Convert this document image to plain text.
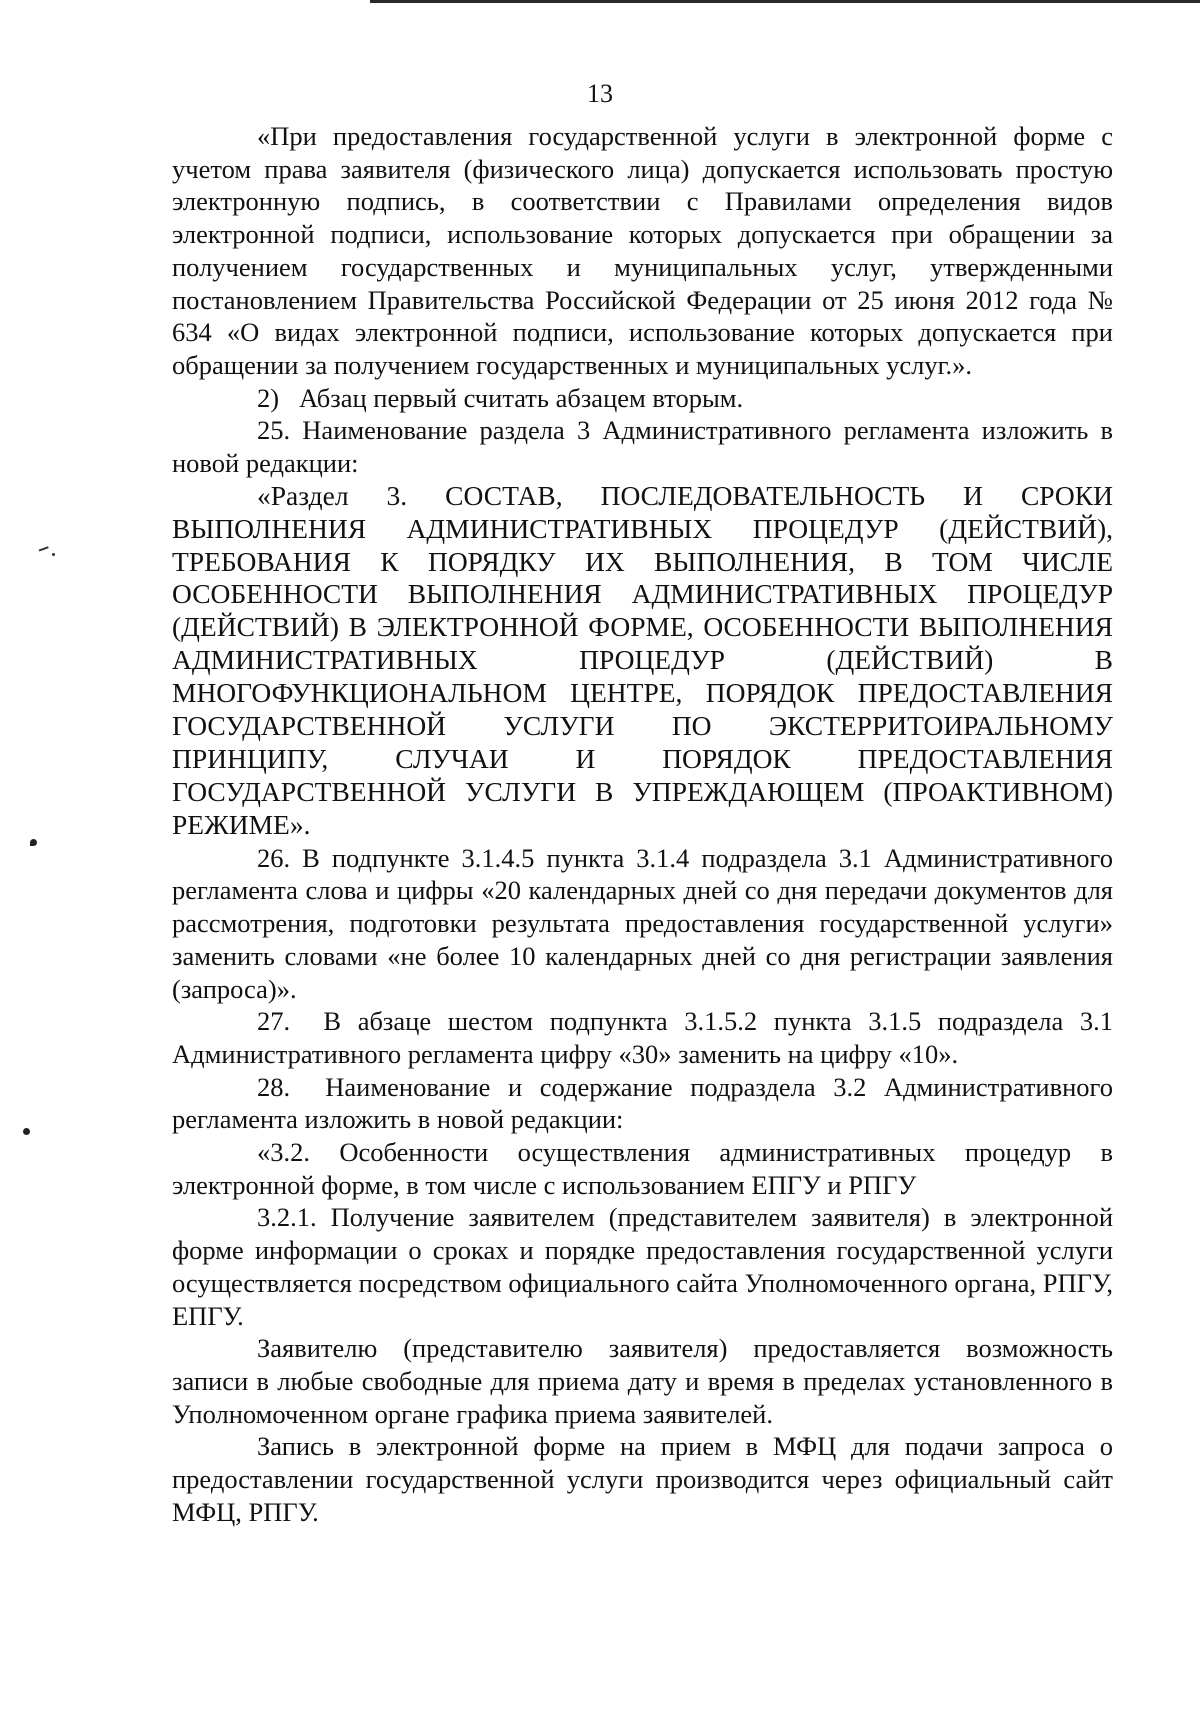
13

«При предоставления государственной услуги в электронной форме с учетом права заявителя (физического лица) допускается использовать простую электронную подпись, в соответствии с Правилами определения видов электронной подписи, использование которых допускается при обращении за получением государственных и муниципальных услуг, утвержденными постановлением Правительства Российской Федерации от 25 июня 2012 года № 634 «О видах электронной подписи, использование которых допускается при обращении за получением государственных и муниципальных услуг.».

2)   Абзац первый считать абзацем вторым.

25. Наименование раздела 3 Административного регламента изложить в новой редакции:

«Раздел 3. СОСТАВ, ПОСЛЕДОВАТЕЛЬНОСТЬ И СРОКИ ВЫПОЛНЕНИЯ АДМИНИСТРАТИВНЫХ ПРОЦЕДУР (ДЕЙСТВИЙ), ТРЕБОВАНИЯ К ПОРЯДКУ ИХ ВЫПОЛНЕНИЯ, В ТОМ ЧИСЛЕ ОСОБЕННОСТИ ВЫПОЛНЕНИЯ АДМИНИСТРАТИВНЫХ ПРОЦЕДУР (ДЕЙСТВИЙ) В ЭЛЕКТРОННОЙ ФОРМЕ, ОСОБЕННОСТИ ВЫПОЛНЕНИЯ АДМИНИСТРАТИВНЫХ ПРОЦЕДУР (ДЕЙСТВИЙ) В МНОГОФУНКЦИОНАЛЬНОМ ЦЕНТРЕ, ПОРЯДОК ПРЕДОСТАВЛЕНИЯ ГОСУДАРСТВЕННОЙ УСЛУГИ ПО ЭКСТЕРРИТОИРАЛЬНОМУ ПРИНЦИПУ, СЛУЧАИ И ПОРЯДОК ПРЕДОСТАВЛЕНИЯ ГОСУДАРСТВЕННОЙ УСЛУГИ В УПРЕЖДАЮЩЕМ (ПРОАКТИВНОМ) РЕЖИМЕ».

26. В подпункте 3.1.4.5 пункта 3.1.4 подраздела 3.1 Административного регламента слова и цифры «20 календарных дней со дня передачи документов для рассмотрения, подготовки результата предоставления государственной услуги» заменить словами «не более 10 календарных дней со дня регистрации заявления (запроса)».

27.  В абзаце шестом подпункта 3.1.5.2 пункта 3.1.5 подраздела 3.1 Административного регламента цифру «30» заменить на цифру «10».

28.  Наименование и содержание подраздела 3.2 Административного регламента изложить в новой редакции:

«3.2. Особенности осуществления административных процедур в электронной форме, в том числе с использованием ЕПГУ и РПГУ

3.2.1. Получение заявителем (представителем заявителя) в электронной форме информации о сроках и порядке предоставления государственной услуги осуществляется посредством официального сайта Уполномоченного органа, РПГУ, ЕПГУ.

Заявителю (представителю заявителя) предоставляется возможность записи в любые свободные для приема дату и время в пределах установленного в Уполномоченном органе графика приема заявителей.

Запись в электронной форме на прием в МФЦ для подачи запроса о предоставлении государственной услуги производится через официальный сайт МФЦ, РПГУ.
